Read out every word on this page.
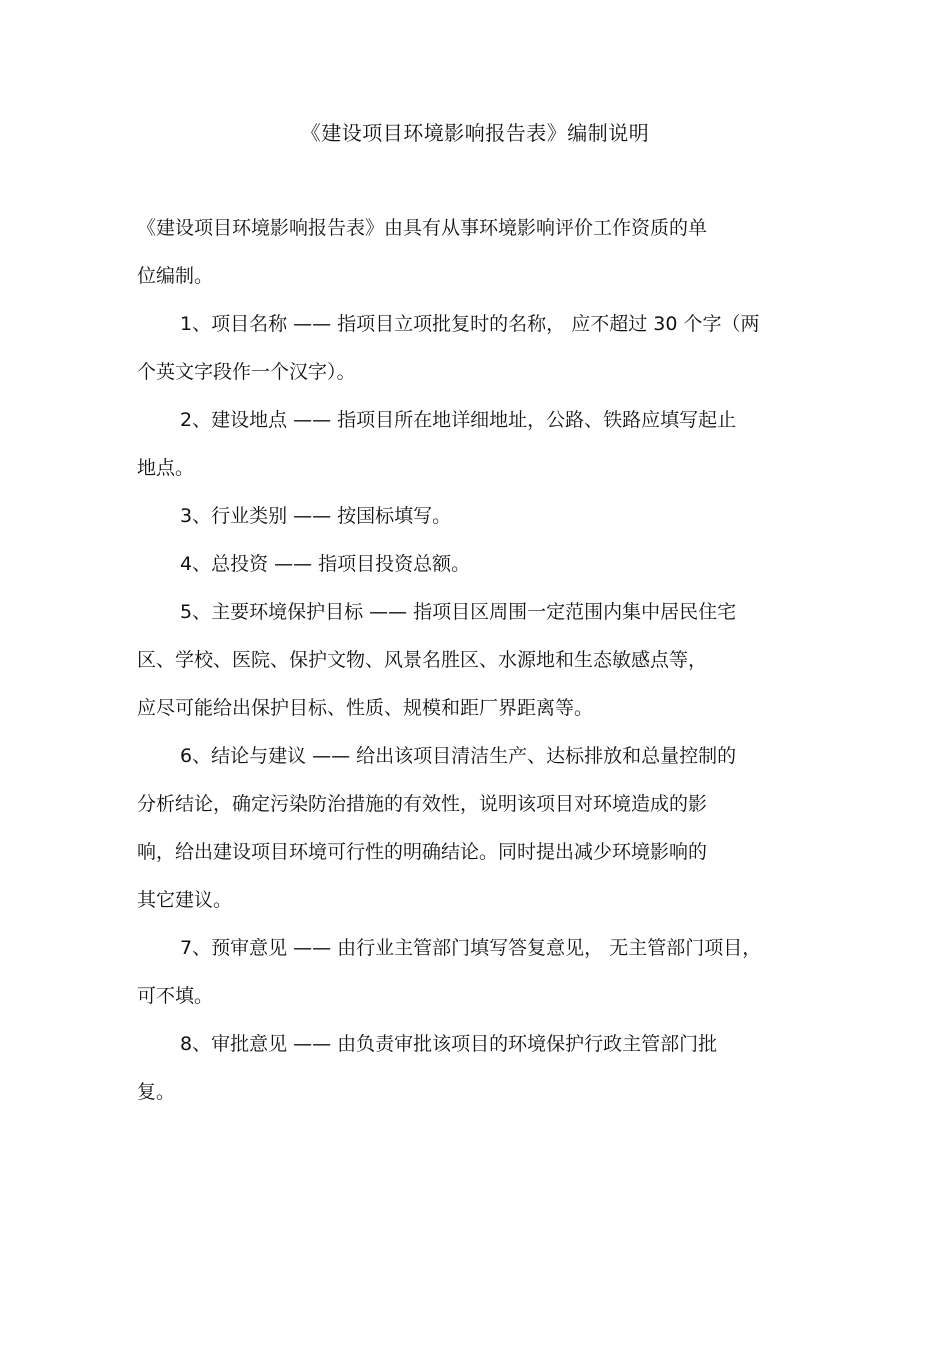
《建设项目环境影响报告表》编制说明
《建设项目环境影响报告表》由具有从事环境影响评价工作资质的单
位编制。
1、项目名称 —— 指项目立项批复时的名称， 应不超过 30 个字（两
个英文字段作一个汉字）。
2、建设地点 —— 指项目所在地详细地址，公路、铁路应填写起止
地点。
3、行业类别 —— 按国标填写。
4、总投资 —— 指项目投资总额。
5、主要环境保护目标 —— 指项目区周围一定范围内集中居民住宅
区、学校、医院、保护文物、风景名胜区、水源地和生态敏感点等，
应尽可能给出保护目标、性质、规模和距厂界距离等。
6、结论与建议 —— 给出该项目清洁生产、达标排放和总量控制的
分析结论，确定污染防治措施的有效性，说明该项目对环境造成的影
响，给出建设项目环境可行性的明确结论。同时提出减少环境影响的
其它建议。
7、预审意见 —— 由行业主管部门填写答复意见， 无主管部门项目，
可不填。
8、审批意见 —— 由负责审批该项目的环境保护行政主管部门批
复。
